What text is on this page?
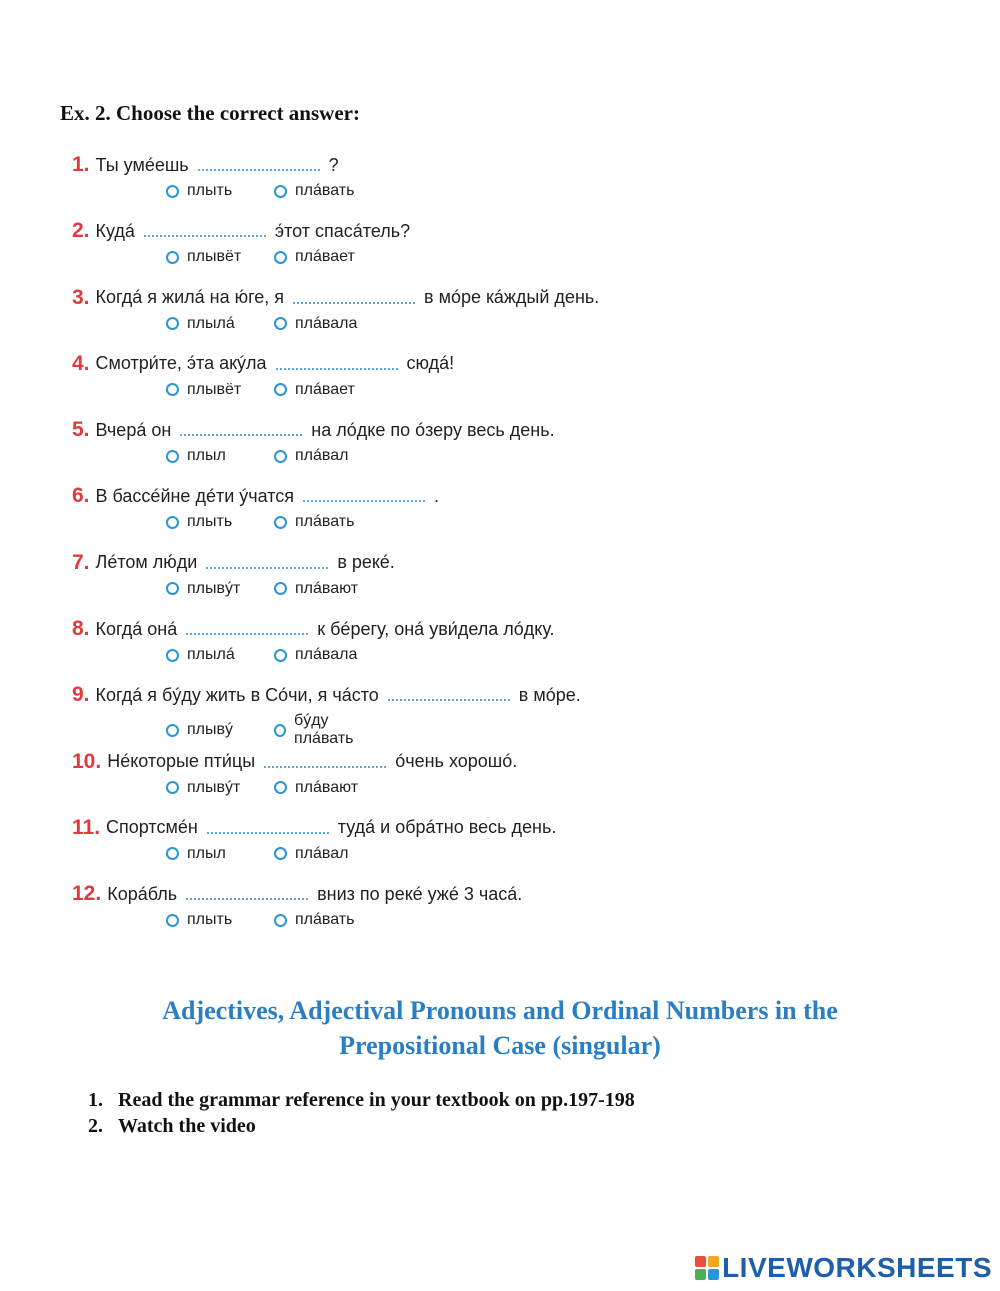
Ex. 2. Choose the correct answer:
1. Ты умéешь	?
плыть	плáвать
2. Кудá	э́тот спасáтель?
плывёт	плáвает
3. Когдá я жилá на ю́ге, я	в мóре кáждый день.
плылá	плáвала
4. Смотри́те, э́та акýла	сюдá!
плывёт	плáвает
5. Вчерá он	на лóдке по óзеру весь день.
плыл	плáвал
6. В бассéйне дéти ýчатся	.
плыть	плáвать
7. Лéтом лю́ди	в рекé.
плывýт	плáвают
8. Когдá онá	к бéрегу, онá уви́дела лóдку.
плылá	плáвала
9. Когдá я бýду жить в Сóчи, я чáсто	в мóре.
плывý
бýду плáвать
10. Нéкоторые пти́цы	óчень хорошó.
плывýт	плáвают
11. Спортсмéн	тудá и обрáтно весь день.
плыл	плáвал
12. Корáбль	вниз по рекé ужé 3 часá.
плыть	плáвать
Adjectives, Adjectival Pronouns and Ordinal Numbers in the
Prepositional Case (singular)
1. Read the grammar reference in your textbook on pp.197-198
2. Watch the video
LIVEWORKSHEETS
